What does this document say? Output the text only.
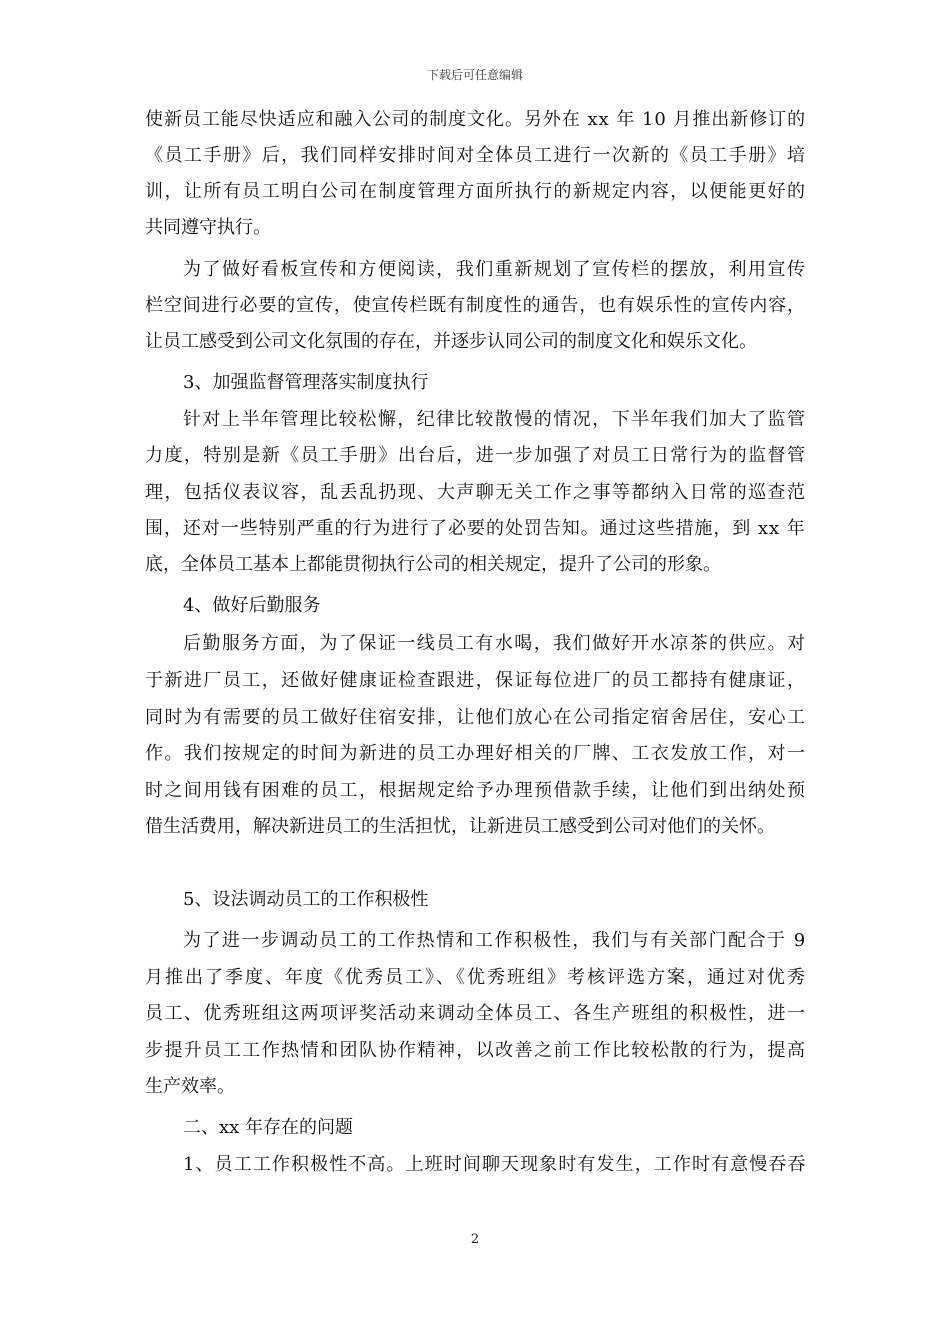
下载后可任意编辑
使新员工能尽快适应和融入公司的制度文化。另外在 xx 年 10 月推出新修订的
《员工手册》后，我们同样安排时间对全体员工进行一次新的《员工手册》培
训，让所有员工明白公司在制度管理方面所执行的新规定内容，以便能更好的
共同遵守执行。
为了做好看板宣传和方便阅读，我们重新规划了宣传栏的摆放，利用宣传
栏空间进行必要的宣传，使宣传栏既有制度性的通告，也有娱乐性的宣传内容，
让员工感受到公司文化氛围的存在，并逐步认同公司的制度文化和娱乐文化。
3、加强监督管理落实制度执行
针对上半年管理比较松懈，纪律比较散慢的情况，下半年我们加大了监管
力度，特别是新《员工手册》出台后，进一步加强了对员工日常行为的监督管
理，包括仪表议容，乱丢乱扔现、大声聊无关工作之事等都纳入日常的巡查范
围，还对一些特别严重的行为进行了必要的处罚告知。通过这些措施，到 xx 年
底，全体员工基本上都能贯彻执行公司的相关规定，提升了公司的形象。
4、做好后勤服务
后勤服务方面，为了保证一线员工有水喝，我们做好开水凉茶的供应。对
于新进厂员工，还做好健康证检查跟进，保证每位进厂的员工都持有健康证，
同时为有需要的员工做好住宿安排，让他们放心在公司指定宿舍居住，安心工
作。我们按规定的时间为新进的员工办理好相关的厂牌、工衣发放工作，对一
时之间用钱有困难的员工，根据规定给予办理预借款手续，让他们到出纳处预
借生活费用，解决新进员工的生活担忧，让新进员工感受到公司对他们的关怀。
5、设法调动员工的工作积极性
为了进一步调动员工的工作热情和工作积极性，我们与有关部门配合于 9
月推出了季度、年度《优秀员工》、《优秀班组》考核评选方案，通过对优秀
员工、优秀班组这两项评奖活动来调动全体员工、各生产班组的积极性，进一
步提升员工工作热情和团队协作精神，以改善之前工作比较松散的行为，提高
生产效率。
二、xx 年存在的问题
1、员工工作积极性不高。上班时间聊天现象时有发生，工作时有意慢吞吞
2
